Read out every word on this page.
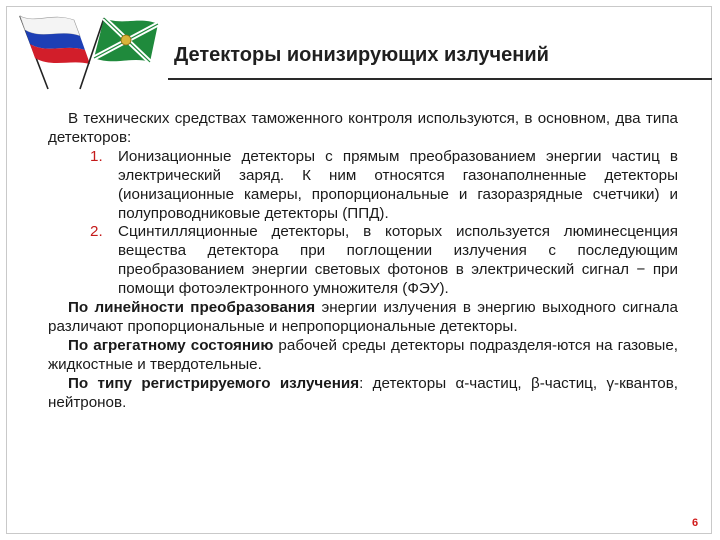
Детекторы ионизирующих излучений

В технических средствах таможенного контроля используются, в основном, два типа детекторов:

1. Ионизационные детекторы с прямым преобразованием энергии частиц в электрический заряд. К ним относятся газонаполненные детекторы (ионизационные камеры, пропорциональные и газоразрядные счетчики) и полупроводниковые детекторы (ППД).
2. Сцинтилляционные детекторы, в которых используется люминесценция вещества детектора при поглощении излучения с последующим преобразованием энергии световых фотонов в электрический сигнал − при помощи фотоэлектронного умножителя (ФЭУ).

По линейности преобразования энергии излучения в энергию выходного сигнала различают пропорциональные и непропорциональные детекторы.

По агрегатному состоянию рабочей среды детекторы подразделя-ются на газовые, жидкостные и твердотельные.

По типу регистрируемого излучения: детекторы α-частиц, β-частиц, γ-квантов, нейтронов.

6
